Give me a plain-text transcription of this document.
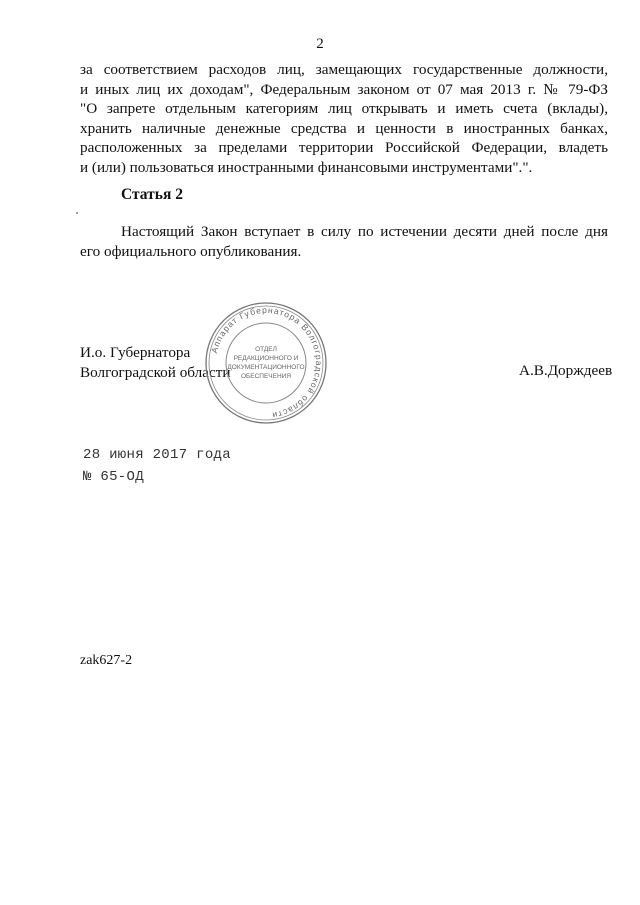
2
за соответствием расходов лиц, замещающих государственные должности,
и иных лиц их доходам", Федеральным законом от 07 мая 2013 г. № 79-ФЗ
"О запрете отдельным категориям лиц открывать и иметь счета (вклады),
хранить наличные денежные средства и ценности в иностранных банках,
расположенных за пределами территории Российской Федерации, владеть
и (или) пользоваться иностранными финансовыми инструментами".".
Статья 2
Настоящий Закон вступает в силу по истечении десяти дней после дня
его официального опубликования.
И.о. Губернатора
Волгоградской области
Аппарат Губернатора Волгоградской области
ОТДЕЛ
РЕДАКЦИОННОГО И
ДОКУМЕНТАЦИОННОГО
ОБЕСПЕЧЕНИЯ	А.В.Дорждеев
28 июня 2017 года
№ 65-ОД
zak627-2
